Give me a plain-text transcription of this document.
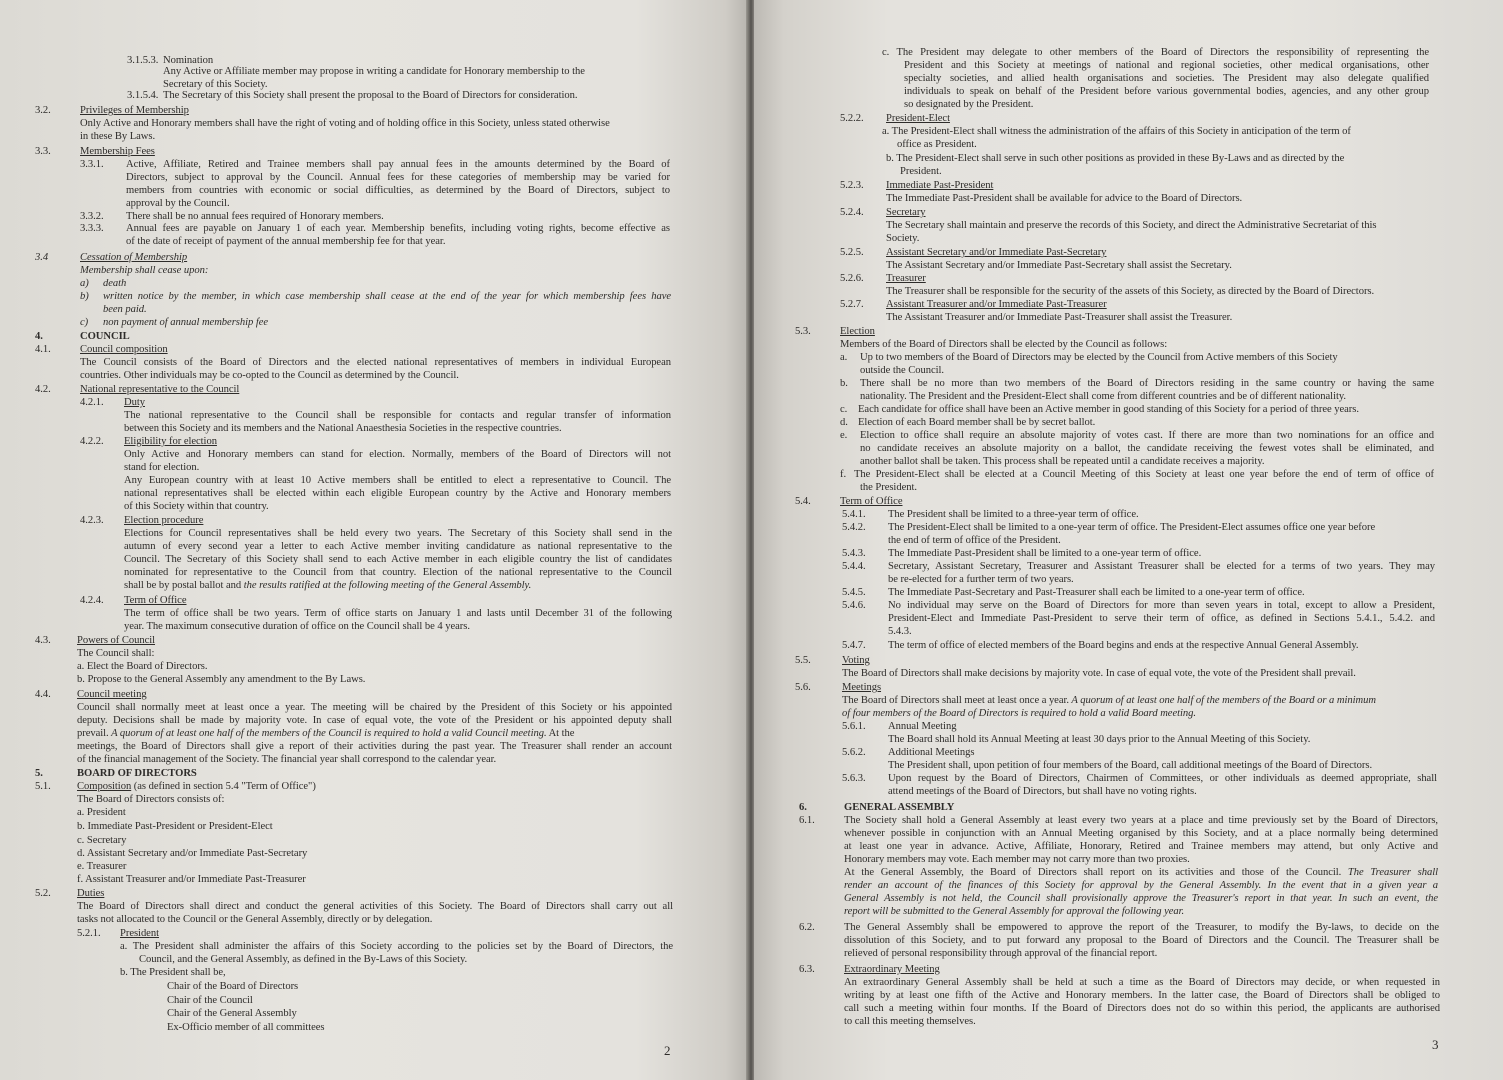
3.1.5.3. Nomination
Any Active or Affiliate member may propose in writing a candidate for Honorary membership to the
Secretary of this Society.
3.1.5.4. The Secretary of this Society shall present the proposal to the Board of Directors for consideration.
3.2.	Privileges of Membership
Only Active and Honorary members shall have the right of voting and of holding office in this Society, unless stated otherwise
in these By Laws.
3.3.	Membership Fees
3.3.1. Active, Affiliate, Retired and Trainee members shall pay annual fees in the amounts determined by the Board of
Directors, subject to approval by the Council. Annual fees for these categories of membership may be varied for
members from countries with economic or social difficulties, as determined by the Board of Directors, subject to
approval by the Council.
3.3.2. There shall be no annual fees required of Honorary members.
3.3.3. Annual fees are payable on January 1 of each year. Membership benefits, including voting rights, become effective as
of the date of receipt of payment of the annual membership fee for that year.
3.4	Cessation of Membership
Membership shall cease upon:
a) death
b) written notice by the member, in which case membership shall cease at the end of the year for which membership fees have
been paid.
c) non payment of annual membership fee
4.	COUNCIL
4.1.	Council composition
The Council consists of the Board of Directors and the elected national representatives of members in individual European
countries. Other individuals may be co-opted to the Council as determined by the Council.
4.2.	National representative to the Council
4.2.1. Duty
The national representative to the Council shall be responsible for contacts and regular transfer of information
between this Society and its members and the National Anaesthesia Societies in the respective countries.
4.2.2. Eligibility for election
Only Active and Honorary members can stand for election. Normally, members of the Board of Directors will not
stand for election.
Any European country with at least 10 Active members shall be entitled to elect a representative to Council. The
national representatives shall be elected within each eligible European country by the Active and Honorary members
of this Society within that country.
4.2.3. Election procedure
Elections for Council representatives shall be held every two years. The Secretary of this Society shall send in the
autumn of every second year a letter to each Active member inviting candidature as national representative to the
Council. The Secretary of this Society shall send to each Active member in each eligible country the list of candidates
nominated for representative to the Council from that country. Election of the national representative to the Council
shall be by postal ballot and the results ratified at the following meeting of the General Assembly.
4.2.4. Term of Office
The term of office shall be two years. Term of office starts on January 1 and lasts until December 31 of the following
year. The maximum consecutive duration of office on the Council shall be 4 years.
4.3. Powers of Council
The Council shall:
a. Elect the Board of Directors.
b. Propose to the General Assembly any amendment to the By Laws.
4.4. Council meeting
Council shall normally meet at least once a year. The meeting will be chaired by the President of this Society or his appointed
deputy. Decisions shall be made by majority vote. In case of equal vote, the vote of the President or his appointed deputy shall
prevail. A quorum of at least one half of the members of the Council is required to hold a valid Council meeting. At the
meetings, the Board of Directors shall give a report of their activities during the past year. The Treasurer shall render an account
of the financial management of the Society. The financial year shall correspond to the calendar year.
5.	BOARD OF DIRECTORS
5.1. Composition (as defined in section 5.4 "Term of Office")
The Board of Directors consists of:
a. President
b. Immediate Past-President or President-Elect
c. Secretary
d. Assistant Secretary and/or Immediate Past-Secretary
e. Treasurer
f. Assistant Treasurer and/or Immediate Past-Treasurer
5.2. Duties
The Board of Directors shall direct and conduct the general activities of this Society. The Board of Directors shall carry out all
tasks not allocated to the Council or the General Assembly, directly or by delegation.
5.2.1. President
a. The President shall administer the affairs of this Society according to the policies set by the Board of Directors, the
Council, and the General Assembly, as defined in the By-Laws of this Society.
b. The President shall be,
Chair of the Board of Directors
Chair of the Council
Chair of the General Assembly
Ex-Officio member of all committees
2
c. The President may delegate to other members of the Board of Directors the responsibility of representing the
President and this Society at meetings of national and regional societies, other medical organisations, other
specialty societies, and allied health organisations and societies. The President may also delegate qualified
individuals to speak on behalf of the President before various governmental bodies, agencies, and any other group
so designated by the President.
5.2.2. President-Elect
a. The President-Elect shall witness the administration of the affairs of this Society in anticipation of the term of
office as President.
b. The President-Elect shall serve in such other positions as provided in these By-Laws and as directed by the
President.
5.2.3. Immediate Past-President
The Immediate Past-President shall be available for advice to the Board of Directors.
5.2.4. Secretary
The Secretary shall maintain and preserve the records of this Society, and direct the Administrative Secretariat of this
Society.
5.2.5. Assistant Secretary and/or Immediate Past-Secretary
The Assistant Secretary and/or Immediate Past-Secretary shall assist the Secretary.
5.2.6. Treasurer
The Treasurer shall be responsible for the security of the assets of this Society, as directed by the Board of Directors.
5.2.7. Assistant Treasurer and/or Immediate Past-Treasurer
The Assistant Treasurer and/or Immediate Past-Treasurer shall assist the Treasurer.
5.3.	Election
Members of the Board of Directors shall be elected by the Council as follows:
a. Up to two members of the Board of Directors may be elected by the Council from Active members of this Society
outside the Council.
b. There shall be no more than two members of the Board of Directors residing in the same country or having the same
nationality. The President and the President-Elect shall come from different countries and be of different nationality.
c. Each candidate for office shall have been an Active member in good standing of this Society for a period of three years.
d. Election of each Board member shall be by secret ballot.
e. Election to office shall require an absolute majority of votes cast. If there are more than two nominations for an office and
no candidate receives an absolute majority on a ballot, the candidate receiving the fewest votes shall be eliminated, and
another ballot shall be taken. This process shall be repeated until a candidate receives a majority.
f. The President-Elect shall be elected at a Council Meeting of this Society at least one year before the end of term of office of
the President.
5.4.	Term of Office
5.4.1. The President shall be limited to a three-year term of office.
5.4.2. The President-Elect shall be limited to a one-year term of office. The President-Elect assumes office one year before
the end of term of office of the President.
5.4.3. The Immediate Past-President shall be limited to a one-year term of office.
5.4.4. Secretary, Assistant Secretary, Treasurer and Assistant Treasurer shall be elected for a terms of two years. They may
be re-elected for a further term of two years.
5.4.5. The Immediate Past-Secretary and Past-Treasurer shall each be limited to a one-year term of office.
5.4.6. No individual may serve on the Board of Directors for more than seven years in total, except to allow a President,
President-Elect and Immediate Past-President to serve their term of office, as defined in Sections 5.4.1., 5.4.2. and
5.4.3.
5.4.7. The term of office of elected members of the Board begins and ends at the respective Annual General Assembly.
5.5.	Voting
The Board of Directors shall make decisions by majority vote. In case of equal vote, the vote of the President shall prevail.
5.6.	Meetings
The Board of Directors shall meet at least once a year. A quorum of at least one half of the members of the Board or a minimum
of four members of the Board of Directors is required to hold a valid Board meeting.
5.6.1. Annual Meeting
The Board shall hold its Annual Meeting at least 30 days prior to the Annual Meeting of this Society.
5.6.2. Additional Meetings
The President shall, upon petition of four members of the Board, call additional meetings of the Board of Directors.
5.6.3. Upon request by the Board of Directors, Chairmen of Committees, or other individuals as deemed appropriate, shall
attend meetings of the Board of Directors, but shall have no voting rights.
6.	GENERAL ASSEMBLY
6.1.	The Society shall hold a General Assembly at least every two years at a place and time previously set by the Board of Directors,
whenever possible in conjunction with an Annual Meeting organised by this Society, and at a place normally being determined
at least one year in advance. Active, Affiliate, Honorary, Retired and Trainee members may attend, but only Active and
Honorary members may vote. Each member may not carry more than two proxies.
At the General Assembly, the Board of Directors shall report on its activities and those of the Council. The Treasurer shall
render an account of the finances of this Society for approval by the General Assembly. In the event that in a given year a
General Assembly is not held, the Council shall provisionally approve the Treasurer's report in that year. In such an event, the
report will be submitted to the General Assembly for approval the following year.
6.2.	The General Assembly shall be empowered to approve the report of the Treasurer, to modify the By-laws, to decide on the
dissolution of this Society, and to put forward any proposal to the Board of Directors and the Council. The Treasurer shall be
relieved of personal responsibility through approval of the financial report.
6.3.	Extraordinary Meeting
An extraordinary General Assembly shall be held at such a time as the Board of Directors may decide, or when requested in
writing by at least one fifth of the Active and Honorary members. In the latter case, the Board of Directors shall be obliged to
call such a meeting within four months. If the Board of Directors does not do so within this period, the applicants are authorised
to call this meeting themselves.
3
